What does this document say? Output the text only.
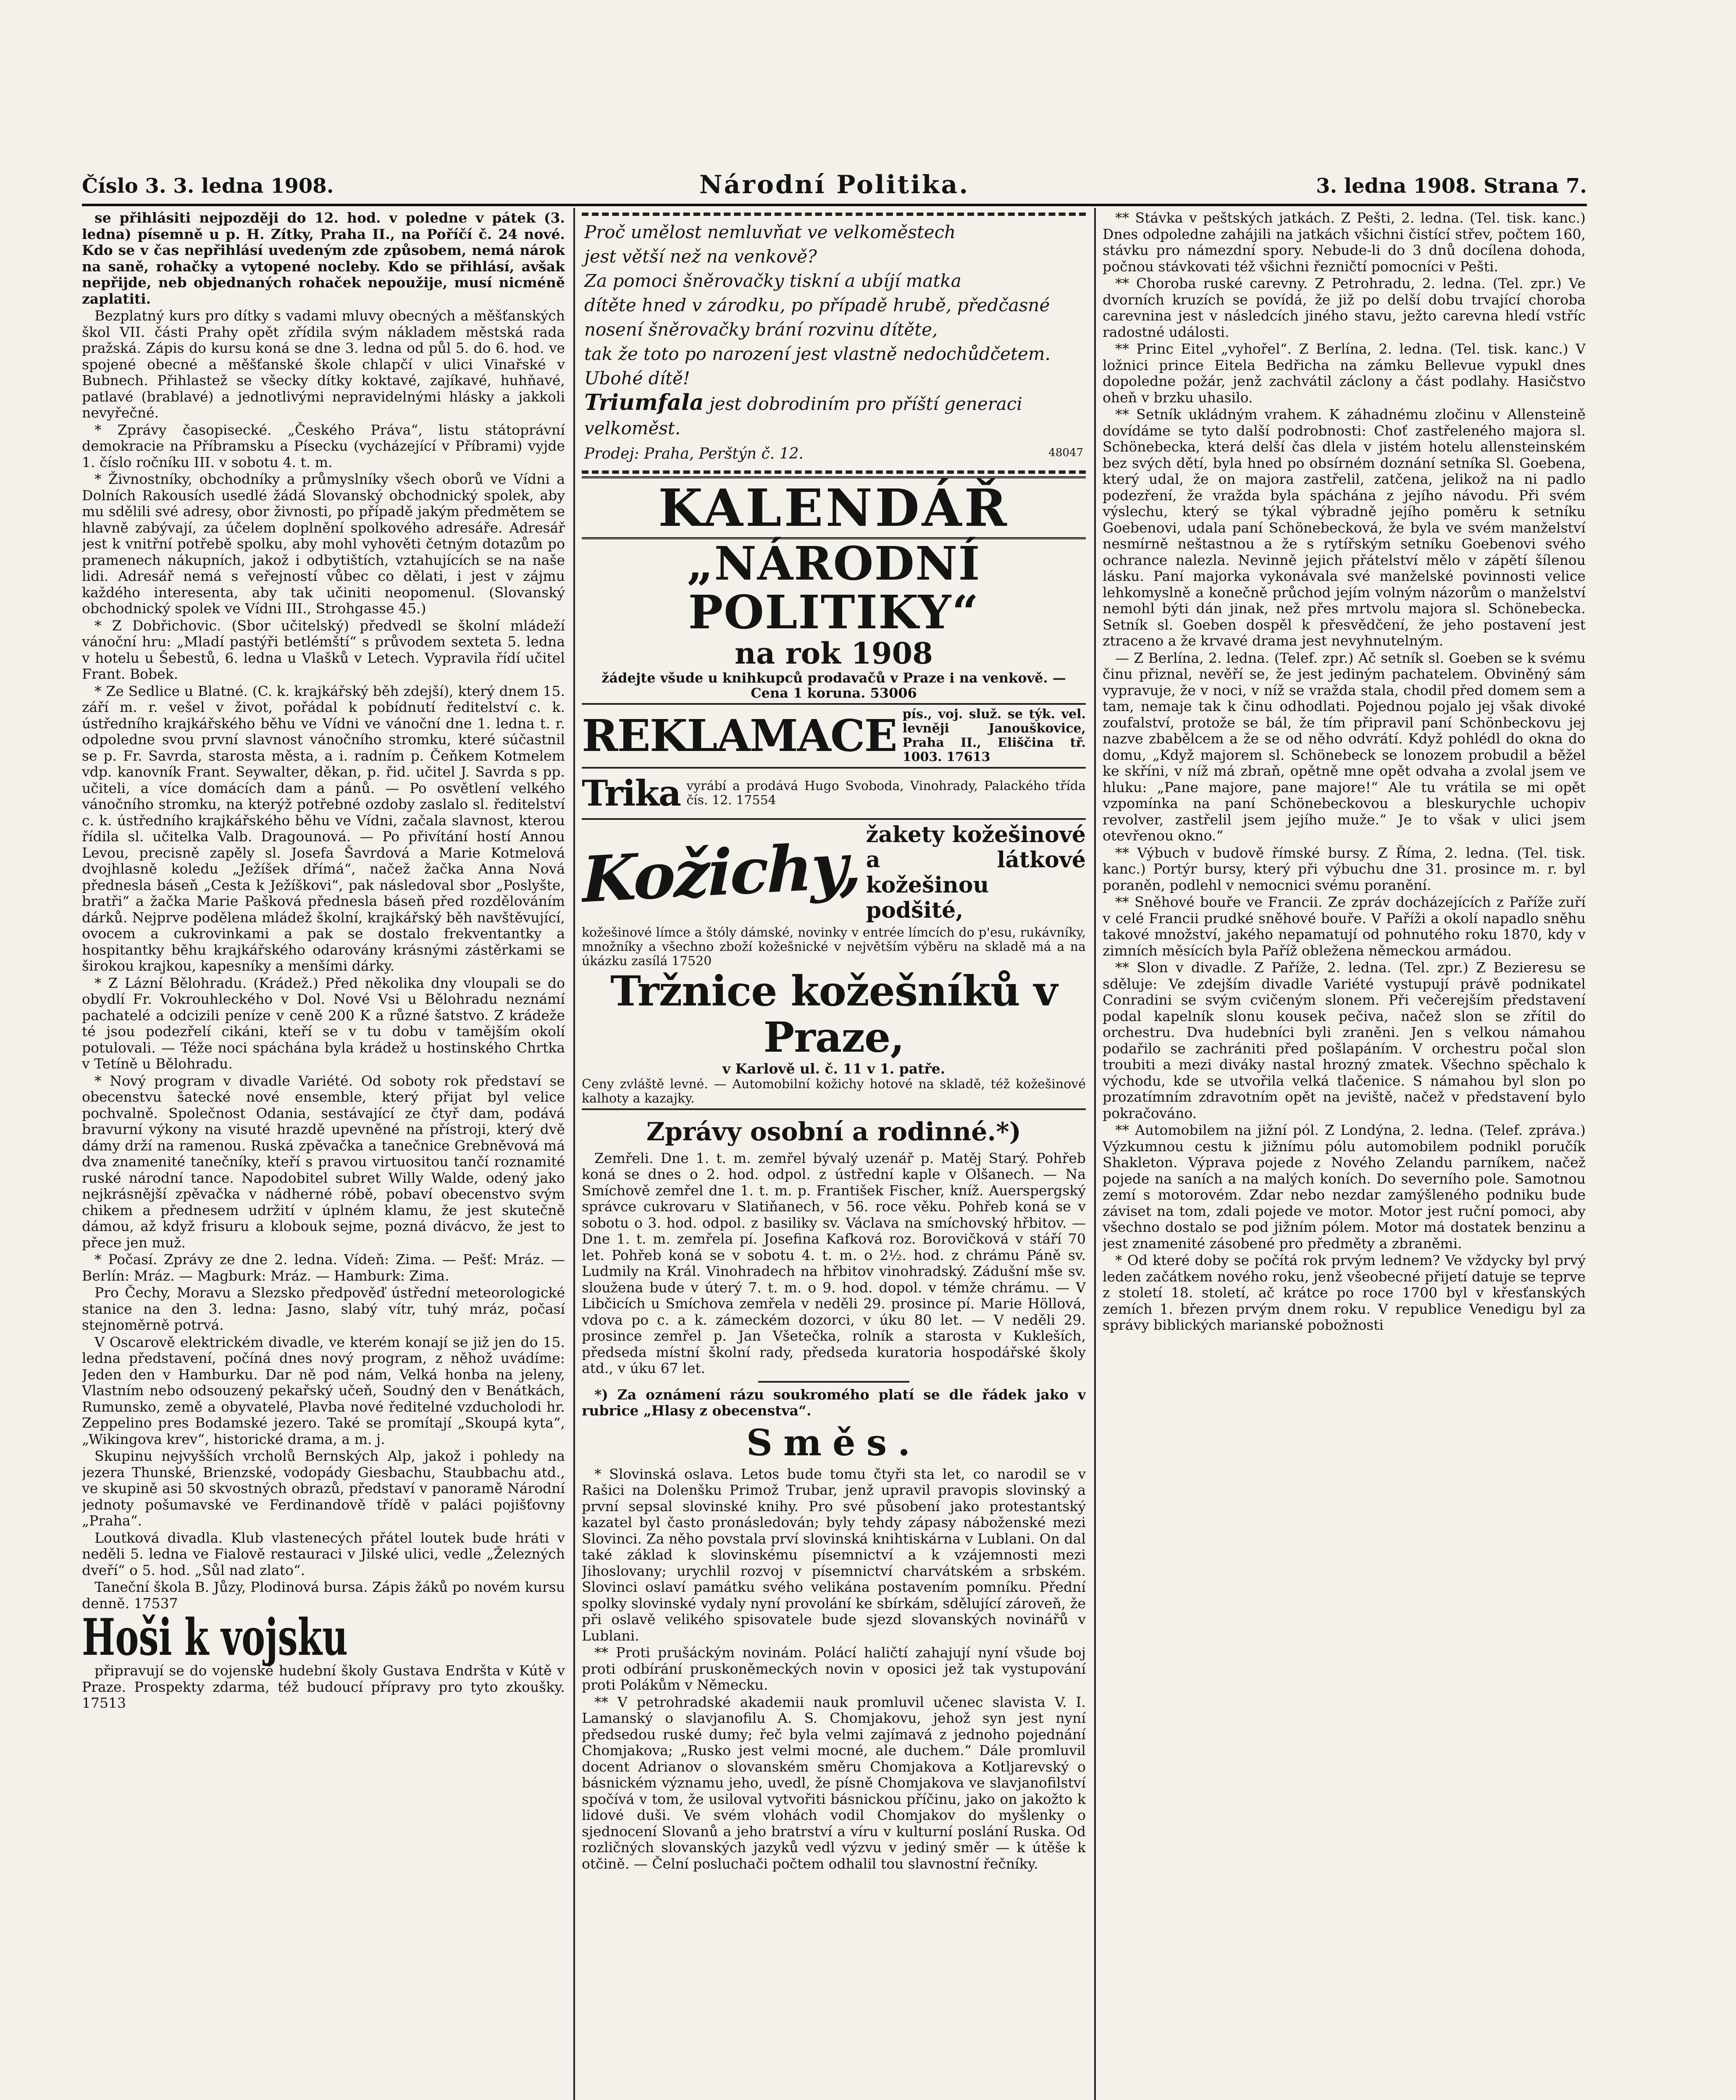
Číslo 3. 3. ledna 1908.	Národní Politika.	3. ledna 1908. Strana 7.

se přihlásiti nejpozději do 12. hod. v poledne v pátek (3. ledna) písemně u p. H. Zítky, Praha II., na Poříčí č. 24 nové. Kdo se v čas nepřihlásí uvedeným zde způsobem, nemá nárok na saně, rohačky a vytopené nocleby. Kdo se přihlásí, avšak nepřijde, neb objednaných rohaček nepoužije, musí nicméně zaplatiti.

Bezplatný kurs pro dítky s vadami mluvy obecných a měšťanských škol VII. části Prahy opět zřídila svým nákladem městská rada pražská. Zápis do kursu koná se dne 3. ledna od půl 5. do 6. hod. ve spojené obecné a měšťanské škole chlapčí v ulici Vinařské v Bubnech. Přihlastež se všecky dítky koktavé, zajíkavé, huhňavé, patlavé (brablavé) a jednotlivými nepravidelnými hlásky a jakkoli nevyřečné.

* Zprávy časopisecké. „Českého Práva“, listu státoprávní demokracie na Příbramsku a Písecku (vycházející v Příbrami) vyjde 1. číslo ročníku III. v sobotu 4. t. m.

* Živnostníky, obchodníky a průmyslníky všech oborů ve Vídni a Dolních Rakousích usedlé žádá Slovanský obchodnický spolek, aby mu sdělili své adresy, obor živnosti, po případě jakým předmětem se hlavně zabývají, za účelem doplnění spolkového adresáře. Adresář jest k vnitřní potřebě spolku, aby mohl vyhověti četným dotazům po pramenech nákupních, jakož i odbytištích, vztahujících se na naše lidi. Adresář nemá s veřejností vůbec co dělati, i jest v zájmu každého interesenta, aby tak učiniti neopomenul. (Slovanský obchodnický spolek ve Vídni III., Strohgasse 45.)

* Z Dobřichovic. (Sbor učitelský) předvedl se školní mládeží vánoční hru: „Mladí pastýři betlémští“ s průvodem sexteta 5. ledna v hotelu u Šebestů, 6. ledna u Vlašků v Letech. Vypravila řídí učitel Frant. Bobek.

* Ze Sedlice u Blatné. (C. k. krajkářský běh zdejší), který dnem 15. září m. r. vešel v život, pořádal k pobídnutí ředitelství c. k. ústředního krajkářského běhu ve Vídni ve vánoční dne 1. ledna t. r. odpoledne svou první slavnost vánočního stromku, které súčastnil se p. Fr. Savrda, starosta města, a i. radním p. Čeňkem Kotmelem vdp. kanovník Frant. Seywalter, děkan, p. řid. učitel J. Savrda s pp. učiteli, a více domácích dam a pánů. — Po osvětlení velkého vánočního stromku, na kterýž potřebné ozdoby zaslalo sl. ředitelství c. k. ústředního krajkářského běhu ve Vídni, začala slavnost, kterou řídila sl. učitelka Valb. Dragounová. — Po přivítání hostí Annou Levou, precisně zapěly sl. Josefa Šavrdová a Marie Kotmelová dvojhlasně koledu „Ježíšek dřímá“, načež žačka Anna Nová přednesla báseň „Cesta k Ježíškovi“, pak následoval sbor „Poslyšte, bratři“ a žačka Marie Pašková přednesla báseň před rozdělováním dárků. Nejprve podělena mládež školní, krajkářský běh navštěvující, ovocem a cukrovinkami a pak se dostalo frekventantky a hospitantky běhu krajkářského odarovány krásnými zástěrkami se širokou krajkou, kapesníky a menšími dárky.

* Z Lázní Bělohradu. (Krádež.) Před několika dny vloupali se do obydlí Fr. Vokrouhleckého v Dol. Nové Vsi u Bělohradu neznámí pachatelé a odcizili peníze v ceně 200 K a různé šatstvo. Z krádeže té jsou podezřelí cikáni, kteří se v tu dobu v tamějším okolí potulovali. — Téže noci spáchána byla krádež u hostinského Chrtka v Tetíně u Bělohradu.

* Nový program v divadle Variété. Od soboty rok představí se obecenstvu šatecké nové ensemble, který přijat byl velice pochvalně. Společnost Odania, sestávající ze čtyř dam, podává bravurní výkony na visuté hrazdě upevněné na přístroji, který dvě dámy drží na ramenou. Ruská zpěvačka a tanečnice Grebněvová má dva znamenité tanečníky, kteří s pravou virtuositou tančí roznamité ruské národní tance. Napodobitel subret Willy Walde, odený jako nejkrásnější zpěvačka v nádherné róbě, pobaví obecenstvo svým chikem a přednesem udržití v úplném klamu, že jest skutečně dámou, až když frisuru a klobouk sejme, pozná divácvo, že jest to přece jen muž.

* Počasí. Zprávy ze dne 2. ledna. Vídeň: Zima. — Pešť: Mráz. — Berlín: Mráz. — Magburk: Mráz. — Hamburk: Zima.

Pro Čechy, Moravu a Slezsko předpověď ústřední meteorologické stanice na den 3. ledna: Jasno, slabý vítr, tuhý mráz, počasí stejnoměrně potrvá.

V Oscarově elektrickém divadle, ve kterém konají se již jen do 15. ledna představení, počíná dnes nový program, z něhož uvádíme: Jeden den v Hamburku. Dar ně pod nám, Velká honba na jeleny, Vlastním nebo odsouzený pekařský učeň, Soudný den v Benátkách, Rumunsko, země a obyvatelé, Plavba nové ředitelné vzducholodi hr. Zeppelino pres Bodamské jezero. Také se promítají „Skoupá kyta“, „Wikingova krev“, historické drama, a m. j.

Skupinu nejvyšších vrcholů Bernských Alp, jakož i pohledy na jezera Thunské, Brienzské, vodopády Giesbachu, Staubbachu atd., ve skupině asi 50 skvostných obrazů, představí v panoramě Národní jednoty pošumavské ve Ferdinandově třídě v paláci pojišťovny „Praha“.

Loutková divadla. Klub vlastenecých přátel loutek bude hráti v neděli 5. ledna ve Fialově restauraci v Jilské ulici, vedle „Železných dveří“ o 5. hod. „Sůl nad zlato“.

Taneční škola B. Jůzy, Plodinová bursa. Zápis žáků po novém kursu denně. 17537

Hoši k vojsku

připravují se do vojenské hudební školy Gustava Endršta v Kútě v Praze. Prospekty zdarma, též budoucí přípravy pro tyto zkoušky. 17513

Proč umělost nemluvňat ve velkoměstech
jest větší než na venkově?
Za pomoci šněrovačky tiskní a ubíjí matka
dítěte hned v zárodku, po případě hrubě, předčasné nosení šněrovačky brání rozvinu dítěte,
tak že toto po narození jest vlastně nedochůdčetem. Ubohé dítě!
Triumfala jest dobrodiním pro příští generaci velkoměst.
Prodej: Praha, Perštýn č. 12.	48047
KALENDÁŘ
„NÁRODNÍ POLITIKY“
na rok 1908
žádejte všude u knihkupců prodavačů v Praze i na venkově. — Cena 1 koruna. 53006
REKLAMACE pís., voj. služ. se týk. vel. levněji Janouškovice, Praha II., Eliščina tř. 1003. 17613
Trika vyrábí a prodává Hugo Svoboda, Vinohrady, Palackého třída čís. 12. 17554
Kožichy, žakety kožešinové a látkové kožešinou podšité,
kožešinové límce a štóly dámské, novinky v entrée límcích do p'esu, rukávníky, množníky a všechno zboží kožešnické v největším výběru na skladě má a na úkázku zasílá 17520
Tržnice kožešníků v Praze,
v Karlově ul. č. 11 v 1. patře.
Ceny zvláště levné. — Automobilní kožichy hotové na skladě, též kožešinové kalhoty a kazajky.
Zprávy osobní a rodinné.*)

Zemřeli. Dne 1. t. m. zemřel bývalý uzenář p. Matěj Starý. Pohřeb koná se dnes o 2. hod. odpol. z ústřední kaple v Olšanech. — Na Smíchově zemřel dne 1. t. m. p. František Fischer, kníž. Auerspergský správce cukrovaru v Slatiňanech, v 56. roce věku. Pohřeb koná se v sobotu o 3. hod. odpol. z basiliky sv. Václava na smíchovský hřbitov. — Dne 1. t. m. zemřela pí. Josefina Kafková roz. Borovičková v stáří 70 let. Pohřeb koná se v sobotu 4. t. m. o 2½. hod. z chrámu Páně sv. Ludmily na Král. Vinohradech na hřbitov vinohradský. Zádušní mše sv. sloužena bude v úterý 7. t. m. o 9. hod. dopol. v témže chrámu. — V Libčicích u Smíchova zemřela v neděli 29. prosince pí. Marie Höllová, vdova po c. a k. zámeckém dozorci, v úku 80 let. — V neděli 29. prosince zemřel p. Jan Všetečka, rolník a starosta v Kukleších, předseda místní školní rady, předseda kuratoria hospodářské školy atd., v úku 67 let.

*) Za oznámení rázu soukromého platí se dle řádek jako v rubrice „Hlasy z obecenstva“.

Směs.

* Slovinská oslava. Letos bude tomu čtyři sta let, co narodil se v Rašici na Dolenšku Primož Trubar, jenž upravil pravopis slovinský a první sepsal slovinské knihy. Pro své působení jako protestantský kazatel byl často pronásledován; byly tehdy zápasy náboženské mezi Slovinci. Za něho povstala prví slovinská knihtiskárna v Lublani. On dal také základ k slovinskému písemnictví a k vzájemnosti mezi Jihoslovany; urychlil rozvoj v písemnictví charvátském a srbském. Slovinci oslaví památku svého velikána postavením pomníku. Přední spolky slovinské vydaly nyní provolání ke sbírkám, sdělující zároveň, že při oslavě velikého spisovatele bude sjezd slovanských novinářů v Lublani.

** Proti prušáckým novinám. Polácí haličtí zahajují nyní všude boj proti odbírání pruskoněmeckých novin v oposici jež tak vystupování proti Polákům v Německu.

** V petrohradské akademii nauk promluvil učenec slavista V. I. Lamanský o slavjanofilu A. S. Chomjakovu, jehož syn jest nyní předsedou ruské dumy; řeč byla velmi zajímavá z jednoho pojednání Chomjakova; „Rusko jest velmi mocné, ale duchem.“ Dále promluvil docent Adrianov o slovanském směru Chomjakova a Kotljarevský o básnickém významu jeho, uvedl, že písně Chomjakova ve slavjanofilství spočívá v tom, že usiloval vytvořiti básnickou příčinu, jako on jakožto k lidové duši. Ve svém vlohách vodil Chomjakov do myšlenky o sjednocení Slovanů a jeho bratrství a víru v kulturní poslání Ruska. Od rozličných slovanských jazyků vedl výzvu v jediný směr — k útěše k otčině. — Čelní posluchači počtem odhalil tou slavnostní řečníky.

** Stávka v peštských jatkách. Z Pešti, 2. ledna. (Tel. tisk. kanc.) Dnes odpoledne zahájili na jatkách všichni čistící střev, počtem 160, stávku pro námezdní spory. Nebude-li do 3 dnů docílena dohoda, počnou stávkovati též všichni řezničtí pomocníci v Pešti.

** Choroba ruské carevny. Z Petrohradu, 2. ledna. (Tel. zpr.) Ve dvorních kruzích se povídá, že již po delší dobu trvající choroba carevnina jest v následcích jiného stavu, ježto carevna hledí vstříc radostné události.

** Princ Eitel „vyhořel“. Z Berlína, 2. ledna. (Tel. tisk. kanc.) V ložnici prince Eitela Bedřicha na zámku Bellevue vypukl dnes dopoledne požár, jenž zachvátil záclony a část podlahy. Hasičstvo oheň v brzku uhasilo.

** Setník ukládným vrahem. K záhadnému zločinu v Allensteině dovídáme se tyto další podrobnosti: Choť zastřeleného majora sl. Schönebecka, která delší čas dlela v jistém hotelu allensteinském bez svých dětí, byla hned po obsírném doznání setníka Sl. Goebena, který udal, že on majora zastřelil, zatčena, jelikož na ni padlo podezření, že vražda byla spáchána z jejího návodu. Při svém výslechu, který se týkal výbradně jejího poměru k setníku Goebenovi, udala paní Schönebecková, že byla ve svém manželství nesmírně neštastnou a že s rytířským setníku Goebenovi svého ochrance nalezla. Nevinně jejich přátelství mělo v zápětí šílenou lásku. Paní majorka vykonávala své manželské povinnosti velice lehkomyslně a konečně průchod jejím volným názorům o manželství nemohl býti dán jinak, než přes mrtvolu majora sl. Schönebecka. Setník sl. Goeben dospěl k přesvědčení, že jeho postavení jest ztraceno a že krvavé drama jest nevyhnutelným.

— Z Berlína, 2. ledna. (Telef. zpr.) Ač setník sl. Goeben se k svému činu přiznal, nevěří se, že jest jediným pachatelem. Obviněný sám vypravuje, že v noci, v níž se vražda stala, chodil před domem sem a tam, nemaje tak k činu odhodlati. Pojednou pojalo jej však divoké zoufalství, protože se bál, že tím připravil paní Schönbeckovu jej nazve zbabělcem a že se od něho odvrátí. Když pohlédl do okna do domu, „Když majorem sl. Schönebeck se lonozem probudil a běžel ke skříni, v níž má zbraň, opětně mne opět odvaha a zvolal jsem ve hluku: „Pane majore, pane majore!“ Ale tu vrátila se mi opět vzpomínka na paní Schönebeckovou a bleskurychle uchopiv revolver, zastřelil jsem jejího muže.“ Je to však v ulici jsem otevřenou okno.“

** Výbuch v budově římské bursy. Z Říma, 2. ledna. (Tel. tisk. kanc.) Portýr bursy, který při výbuchu dne 31. prosince m. r. byl poraněn, podlehl v nemocnici svému poranění.

** Sněhové bouře ve Francii. Ze zpráv docházejících z Paříže zuří v celé Francii prudké sněhové bouře. V Paříži a okolí napadlo sněhu takové množství, jakého nepamatují od pohnutého roku 1870, kdy v zimních měsících byla Paříž obležena německou armádou.

** Slon v divadle. Z Paříže, 2. ledna. (Tel. zpr.) Z Bezieresu se sděluje: Ve zdejším divadle Variété vystupují právě podnikatel Conradini se svým cvičeným slonem. Při večerejším představení podal kapelník slonu kousek pečiva, načež slon se zřítil do orchestru. Dva hudebníci byli zraněni. Jen s velkou námahou podařilo se zachrániti před pošlapáním. V orchestru počal slon troubiti a mezi diváky nastal hrozný zmatek. Všechno spěchalo k východu, kde se utvořila velká tlačenice. S námahou byl slon po prozatímním zdravotním opět na jeviště, načež v představení bylo pokračováno.

** Automobilem na jižní pól. Z Londýna, 2. ledna. (Telef. zpráva.) Výzkumnou cestu k jižnímu pólu automobilem podnikl poručík Shakleton. Výprava pojede z Nového Zelandu parníkem, načež pojede na saních a na malých koních. Do severního pole. Samotnou zemí s motorovém. Zdar nebo nezdar zamýšleného podniku bude záviset na tom, zdali pojede ve motor. Motor jest ruční pomoci, aby všechno dostalo se pod jižním pólem. Motor má dostatek benzinu a jest znamenité zásobené pro předměty a zbraněmi.

* Od které doby se počítá rok prvým lednem? Ve vždycky byl prvý leden začátkem nového roku, jenž všeobecné přijetí datuje se teprve z století 18. století, ač krátce po roce 1700 byl v křesťanských zemích 1. březen prvým dnem roku. V republice Venedigu byl za správy biblických marianské pobožnosti
